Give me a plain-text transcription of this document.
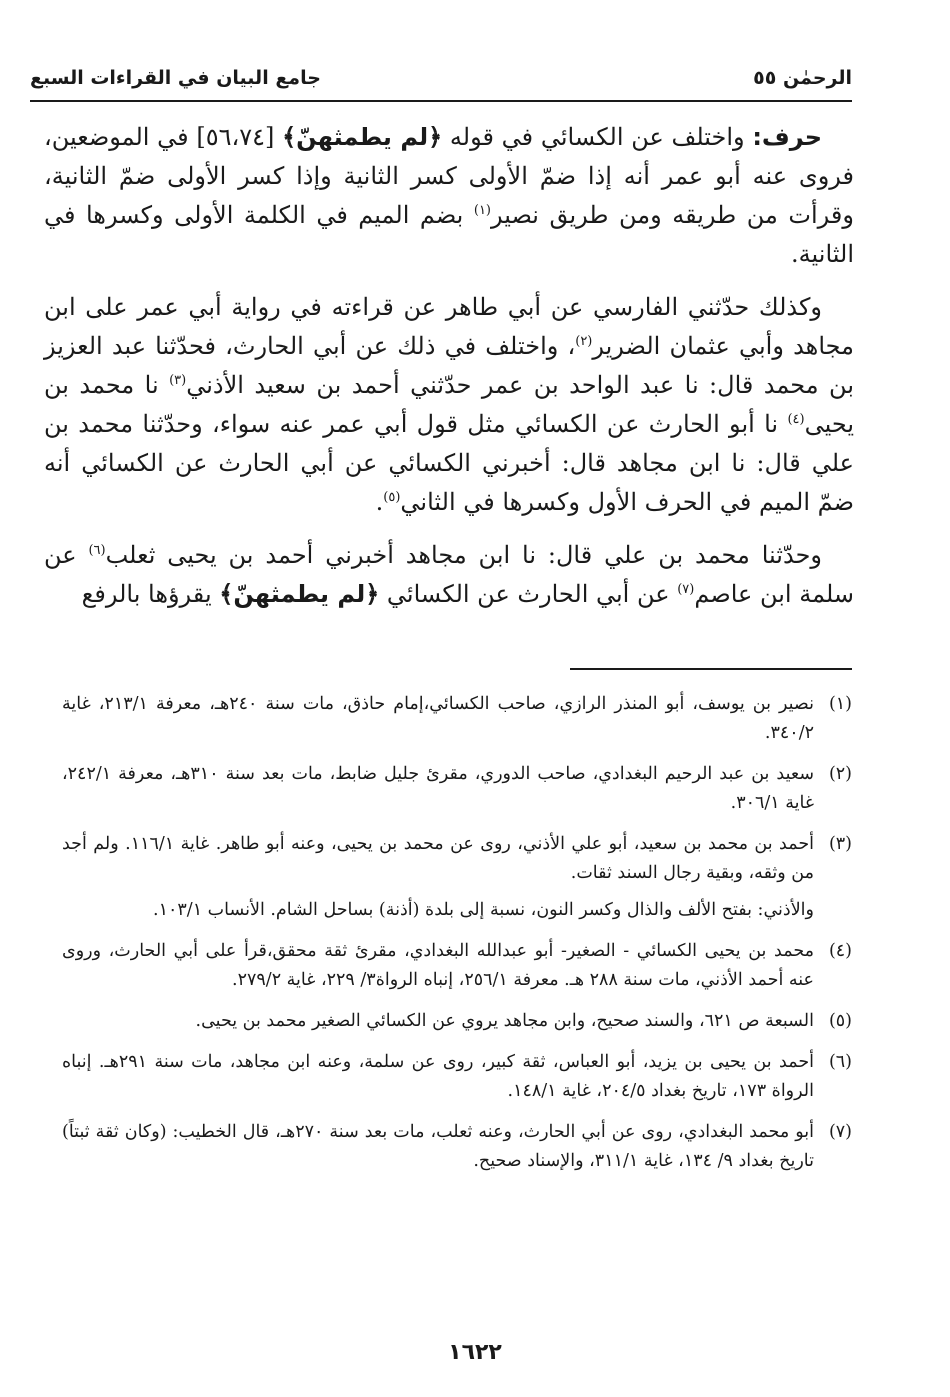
الرحمٰن ٥٥
جامع البيان في القراءات السبع

حرف: واختلف عن الكسائي في قوله ﴿لم يطمثهنّ﴾ [٥٦،٧٤] في الموضعين، فروى عنه أبو عمر أنه إذا ضمّ الأولى كسر الثانية وإذا كسر الأولى ضمّ الثانية، وقرأت من طريقه ومن طريق نصير$^{(١)}$ بضم الميم في الكلمة الأولى وكسرها في الثانية.

وكذلك حدّثني الفارسي عن أبي طاهر عن قراءته في رواية أبي عمر على ابن مجاهد وأبي عثمان الضرير$^{(٢)}$، واختلف في ذلك عن أبي الحارث، فحدّثنا عبد العزيز بن محمد قال: نا عبد الواحد بن عمر حدّثني أحمد بن سعيد الأذني$^{(٣)}$ نا محمد بن يحيى$^{(٤)}$ نا أبو الحارث عن الكسائي مثل قول أبي عمر عنه سواء، وحدّثنا محمد بن علي قال: نا ابن مجاهد قال: أخبرني الكسائي عن أبي الحارث عن الكسائي أنه ضمّ الميم في الحرف الأول وكسرها في الثاني$^{(٥)}$.

وحدّثنا محمد بن علي قال: نا ابن مجاهد أخبرني أحمد بن يحيى ثعلب$^{(٦)}$ عن سلمة ابن عاصم$^{(٧)}$ عن أبي الحارث عن الكسائي ﴿لم يطمثهنّ﴾ يقرؤها بالرفع

(١)
نصير بن يوسف، أبو المنذر الرازي، صاحب الكسائي،إمام حاذق، مات سنة ٢٤٠هـ، معرفة ٢١٣/١، غاية ٣٤٠/٢.
(٢)
سعيد بن عبد الرحيم البغدادي، صاحب الدوري، مقرئ جليل ضابط، مات بعد سنة ٣١٠هـ، معرفة ٢٤٢/١، غاية ٣٠٦/١.
(٣)
أحمد بن محمد بن سعيد، أبو علي الأذني، روى عن محمد بن يحيى، وعنه أبو طاهر. غاية ١١٦/١. ولم أجد من وثقه، وبقية رجال السند ثقات.
والأذني: بفتح الألف والذال وكسر النون، نسبة إلى بلدة (أذنة) بساحل الشام. الأنساب ١٠٣/١.
(٤)
محمد بن يحيى الكسائي - الصغير- أبو عبدالله البغدادي، مقرئ ثقة محقق،قرأ على أبي الحارث، وروى عنه أحمد الأذني، مات سنة ٢٨٨ هـ. معرفة ٢٥٦/١، إنباه الرواة٣/ ٢٢٩، غاية ٢٧٩/٢.
(٥)
السبعة ص ٦٢١، والسند صحيح، وابن مجاهد يروي عن الكسائي الصغير محمد بن يحيى.
(٦)
أحمد بن يحيى بن يزيد، أبو العباس، ثقة كبير، روى عن سلمة، وعنه ابن مجاهد، مات سنة ٢٩١هـ. إنباه الرواة ١٧٣، تاريخ بغداد ٢٠٤/٥، غاية ١٤٨/١.
(٧)
أبو محمد البغدادي، روى عن أبي الحارث، وعنه ثعلب، مات بعد سنة ٢٧٠هـ، قال الخطيب: (وكان ثقة ثبتاً) تاريخ بغداد ٩/ ١٣٤، غاية ٣١١/١، والإسناد صحيح.
١٦٢٢
